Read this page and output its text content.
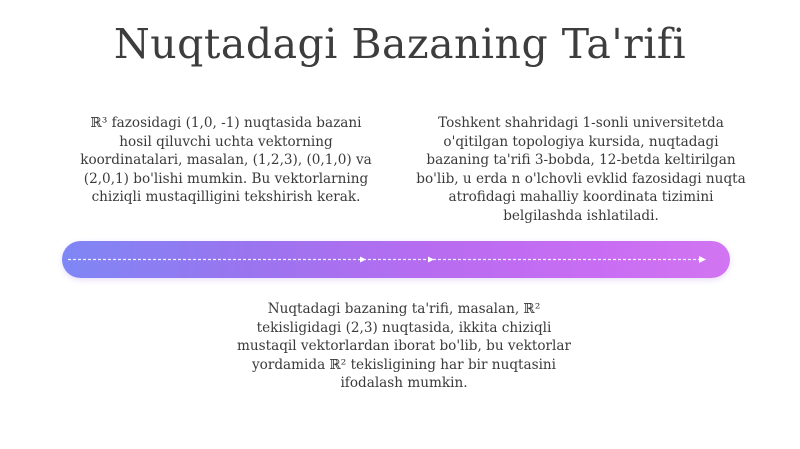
Nuqtadagi Bazaning Ta'rifi
ℝ³ fazosidagi (1,0, -1) nuqtasida bazani hosil qiluvchi uchta vektorning koordinatalari, masalan, (1,2,3), (0,1,0) va (2,0,1) bo'lishi mumkin. Bu vektorlarning chiziqli mustaqilligini tekshirish kerak.
Toshkent shahridagi 1-sonli universitetda o'qitilgan topologiya kursida, nuqtadagi bazaning ta'rifi 3-bobda, 12-betda keltirilgan bo'lib, u erda n o'lchovli evklid fazosidagi nuqta atrofidagi mahalliy koordinata tizimini belgilashda ishlatiladi.
Nuqtadagi bazaning ta'rifi, masalan, ℝ² tekisligidagi (2,3) nuqtasida, ikkita chiziqli mustaqil vektorlardan iborat bo'lib, bu vektorlar yordamida ℝ² tekisligining har bir nuqtasini ifodalash mumkin.
